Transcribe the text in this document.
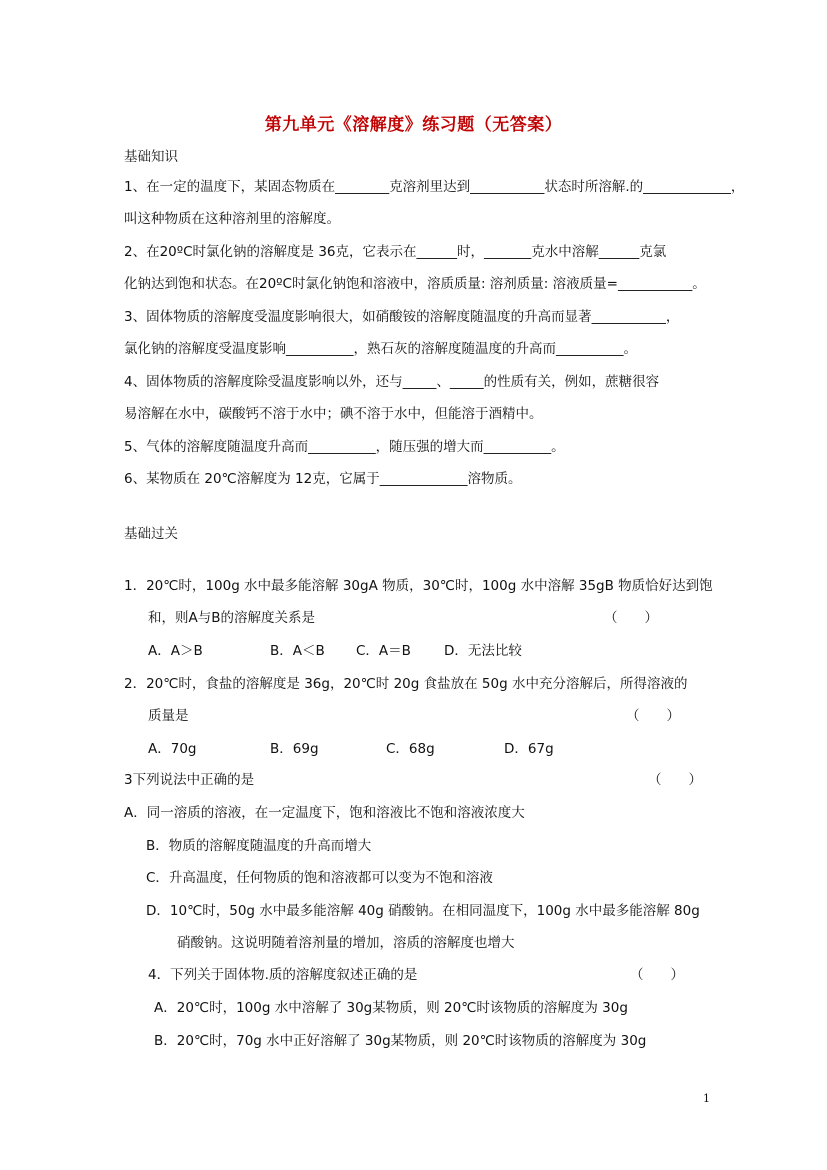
第九单元《溶解度》练习题（无答案）
基础知识
1、在一定的温度下，某固态物质在________克溶剂里达到___________状态时所溶解.的_____________，
叫这种物质在这种溶剂里的溶解度。
2、在20ºC时氯化钠的溶解度是 36克，它表示在______时，_______克水中溶解______克氯
化钠达到饱和状态。在20ºC时氯化钠饱和溶液中，溶质质量: 溶剂质量: 溶液质量=___________。
3、固体物质的溶解度受温度影响很大，如硝酸铵的溶解度随温度的升高而显著___________，
氯化钠的溶解度受温度影响__________，熟石灰的溶解度随温度的升高而__________。
4、固体物质的溶解度除受温度影响以外，还与_____、_____的性质有关，例如，蔗糖很容
易溶解在水中，碳酸钙不溶于水中；碘不溶于水中，但能溶于酒精中。
5、气体的溶解度随温度升高而__________，随压强的增大而__________。
6、某物质在 20℃溶解度为 12克，它属于_____________溶物质。
基础过关
1．20℃时，100g 水中最多能溶解 30gA 物质，30℃时，100g 水中溶解 35gB 物质恰好达到饱
和，则A与B的溶解度关系是	（　　）
A．A＞B	B．A＜B C．A＝B D．无法比较
2．20℃时，食盐的溶解度是 36g，20℃时 20g 食盐放在 50g 水中充分溶解后，所得溶液的
质量是	（　　）
A．70g	B．69g	C．68g	D．67g
3下列说法中正确的是	（　　）
A．同一溶质的溶液，在一定温度下，饱和溶液比不饱和溶液浓度大
B．物质的溶解度随温度的升高而增大
C．升高温度，任何物质的饱和溶液都可以变为不饱和溶液
D．10℃时，50g 水中最多能溶解 40g 硝酸钠。在相同温度下，100g 水中最多能溶解 80g
硝酸钠。这说明随着溶剂量的增加，溶质的溶解度也增大
4．下列关于固体物.质的溶解度叙述正确的是	（　　）
A．20℃时，100g 水中溶解了 30g某物质，则 20℃时该物质的溶解度为 30g
B．20℃时，70g 水中正好溶解了 30g某物质，则 20℃时该物质的溶解度为 30g
1
